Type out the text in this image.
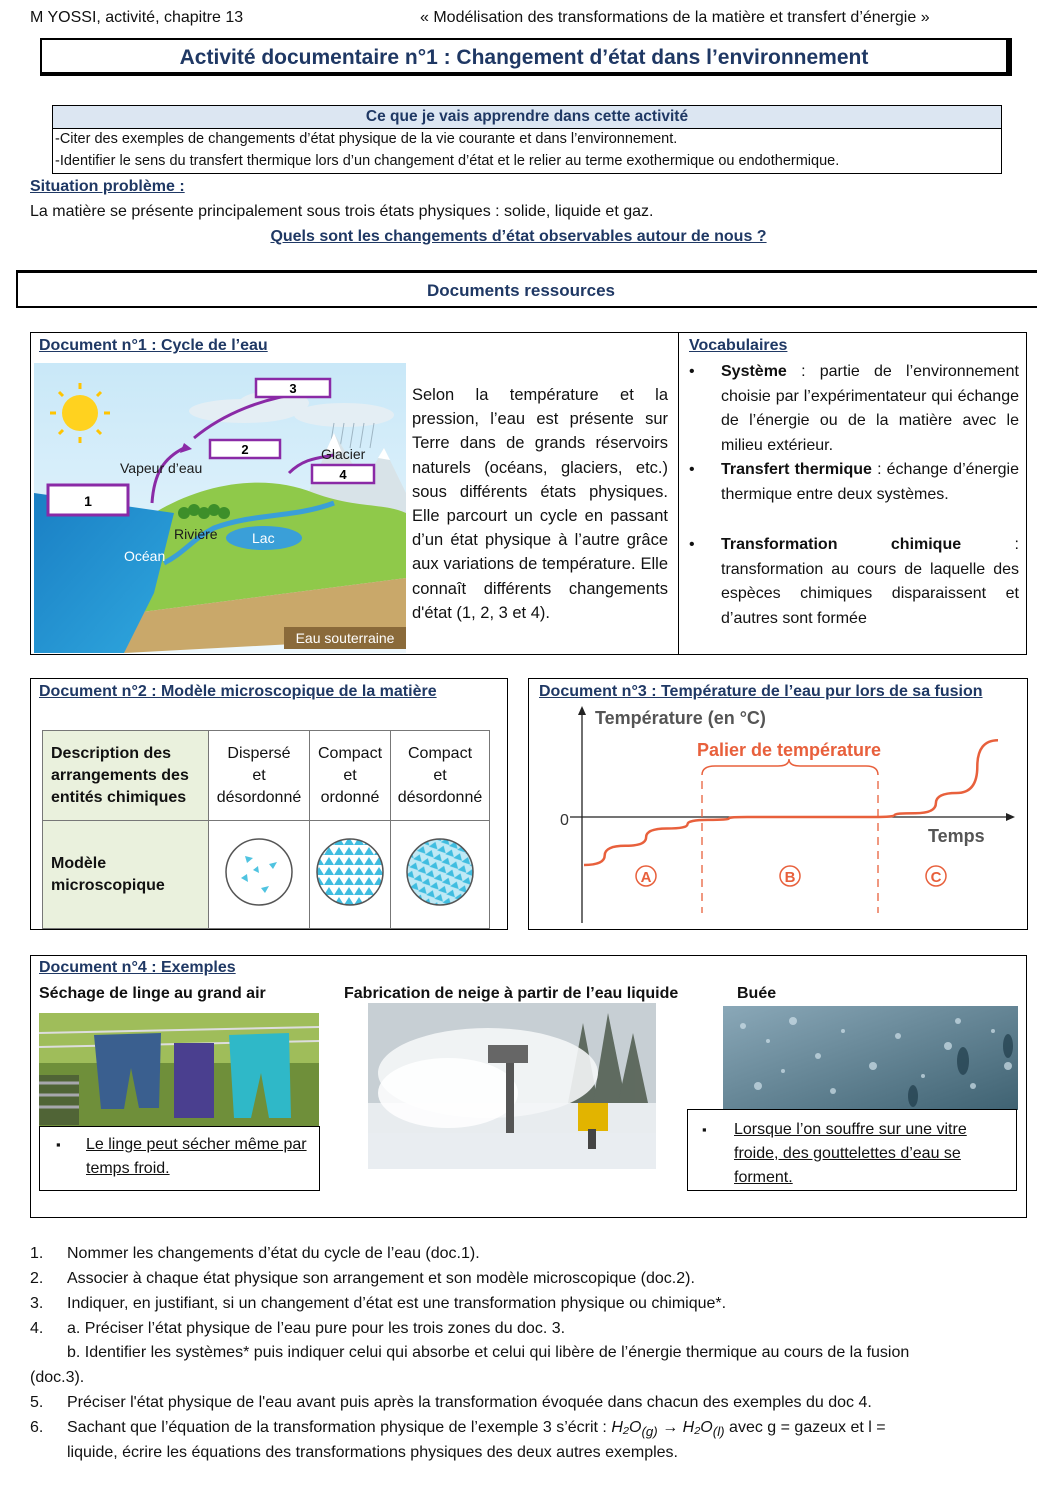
M YOSSI, activité, chapitre 13	« Modélisation des transformations de la matière et transfert d’énergie »
Activité documentaire n°1 : Changement d’état dans l’environnement
Ce que je vais apprendre dans cette activité
-Citer des exemples de changements d’état physique de la vie courante et dans l’environnement.
-Identifier le sens du transfert thermique lors d’un changement d’état et le relier au terme exothermique ou endothermique.
Situation problème :
La matière se présente principalement sous trois états physiques : solide, liquide et gaz.
Quels sont les changements d’état observables autour de nous ?
Documents ressources
Document n°1 : Cycle de l’eau
1
2
3
4
Vapeur d’eau
Glacier
Rivière Lac
Océan
Eau souterraine
Selon la température et la pression, l’eau est présente sur Terre dans de grands réservoirs naturels (océans, glaciers, etc.) sous différents états physiques. Elle parcourt un cycle en passant d’un état physique à l’autre grâce aux variations de température. Elle connaît différents changements d'état (1, 2, 3 et 4).
Vocabulaires
• Système : partie de l’environnement choisie par l’expérimentateur qui échange de l’énergie ou de la matière avec le milieu extérieur.
• Transfert thermique : échange d’énergie thermique entre deux systèmes.
• Transformation chimique : transformation au cours de laquelle des espèces chimiques disparaissent et d’autres sont formée
Document n°2 : Modèle microscopique de la matière
Description des arrangements des entités chimiques	Dispersé
et
désordonné	Compact
et
ordonné	Compact
et
désordonné
Modèle microscopique			
Document n°3 : Température de l’eau pur lors de sa fusion
Température (en °C)
Temps
0
Palier de température
A	B	C
Document n°4 : Exemples
Séchage de linge au grand air	Fabrication de neige à partir de l’eau liquide	Buée
▪ Le linge peut sécher même par temps froid.
▪ Lorsque l’on souffre sur une vitre froide, des gouttelettes d’eau se forment.
1. Nommer les changements d’état du cycle de l’eau (doc.1).
2. Associer à chaque état physique son arrangement et son modèle microscopique (doc.2).
3. Indiquer, en justifiant, si un changement d’état est une transformation physique ou chimique*.
4. a. Préciser l’état physique de l’eau pure pour les trois zones du doc. 3.
b. Identifier les systèmes* puis indiquer celui qui absorbe et celui qui libère de l’énergie thermique au cours de la fusion
(doc.3).
5. Préciser l'état physique de l'eau avant puis après la transformation évoquée dans chacun des exemples du doc 4.
6. Sachant que l’équation de la transformation physique de l’exemple 3 s’écrit : $H_2O_{(g)} \to H_2O_{(l)}$ avec g = gazeux et l =
liquide, écrire les équations des transformations physiques des deux autres exemples.
